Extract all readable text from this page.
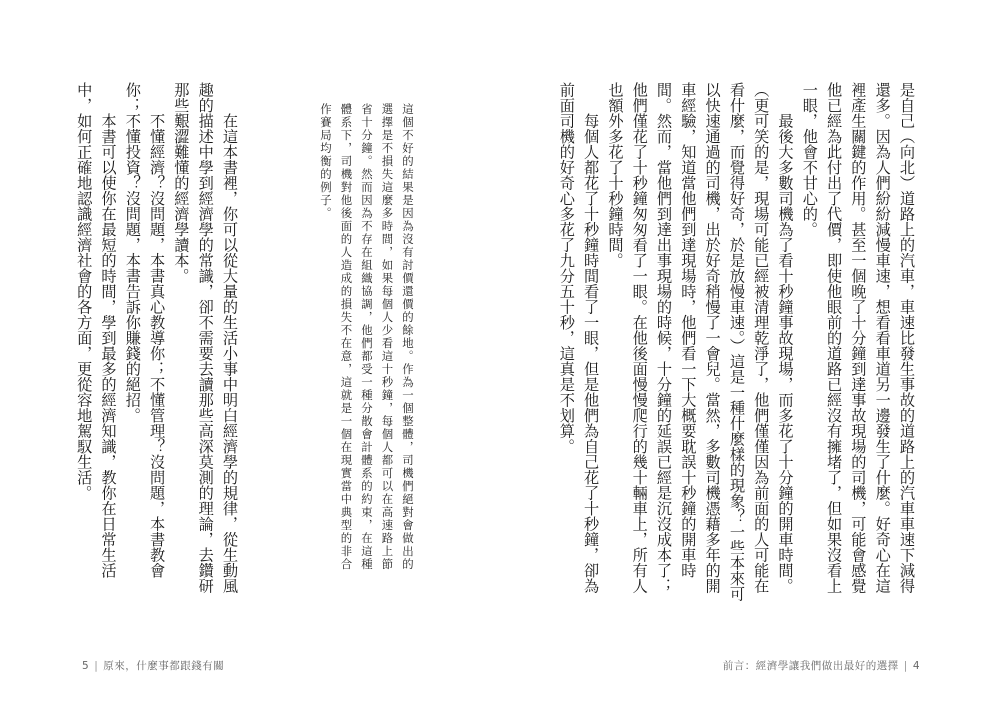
這個不好的結果是因為沒有討價還價的餘地。作為一個整體，司機們絕對會做出的選擇是不損失這麼多時間，如果每個人少看這十秒鐘，每個人都可以在高速路上節省十分鐘。然而因為不存在組織協調，他們都受一種分散會計體系的約束，在這種體系下，司機對他後面的人造成的損失不在意，這就是一個在現實當中典型的非合作賽局均衡的例子。
　　在這本書裡，你可以從大量的生活小事中明白經濟學的規律，從生動風趣的描述中學到經濟學的常識，卻不需要去讀那些高深莫測的理論，去鑽研那些艱澀難懂的經濟學讀本。
　　不懂經濟？沒問題，本書真心教導你；不懂管理？沒問題，本書教會你；不懂投資？沒問題，本書告訴你賺錢的絕招。
　　本書可以使你在最短的時間，學到最多的經濟知識，教你在日常生活中，如何正確地認識經濟社會的各方面，更從容地駕馭生活。
5 | 原來，什麼事都跟錢有關
是自己（向北）道路上的汽車，車速比發生事故的道路上的汽車車速下減得還多。因為人們紛紛減慢車速，想看看車道另一邊發生了什麼。好奇心在這裡產生關鍵的作用。甚至一個晚了十分鐘到達事故現場的司機，可能會感覺他已經為此付出了代價，即使他眼前的道路已經沒有擁堵了，但如果沒看上一眼，他會不甘心的。
　　最後大多數司機為了看十秒鐘事故現場，而多花了十分鐘的開車時間。（更可笑的是，現場可能已經被清理乾淨了，他們僅僅因為前面的人可能在看什麼，而覺得好奇，於是放慢車速。）這是一種什麼樣的現象？一些本來可以快速通過的司機，出於好奇稍慢了一會兒。當然，多數司機憑藉多年的開車經驗，知道當他們到達現場時，他們看一下大概要耽誤十秒鐘的開車時間。然而，當他們到達出事現場的時候，十分鐘的延誤已經是沉沒成本了；他們僅花了十秒鐘匆匆看了一眼。在他後面慢慢爬行的幾十輛車上，所有人也額外多花了十秒鐘時間。
　　每個人都花了十秒鐘時間看了一眼，但是他們為自己花了十秒鐘，卻為前面司機的好奇心多花了九分五十秒，這真是不划算。
前言：經濟學讓我們做出最好的選擇 | 4
